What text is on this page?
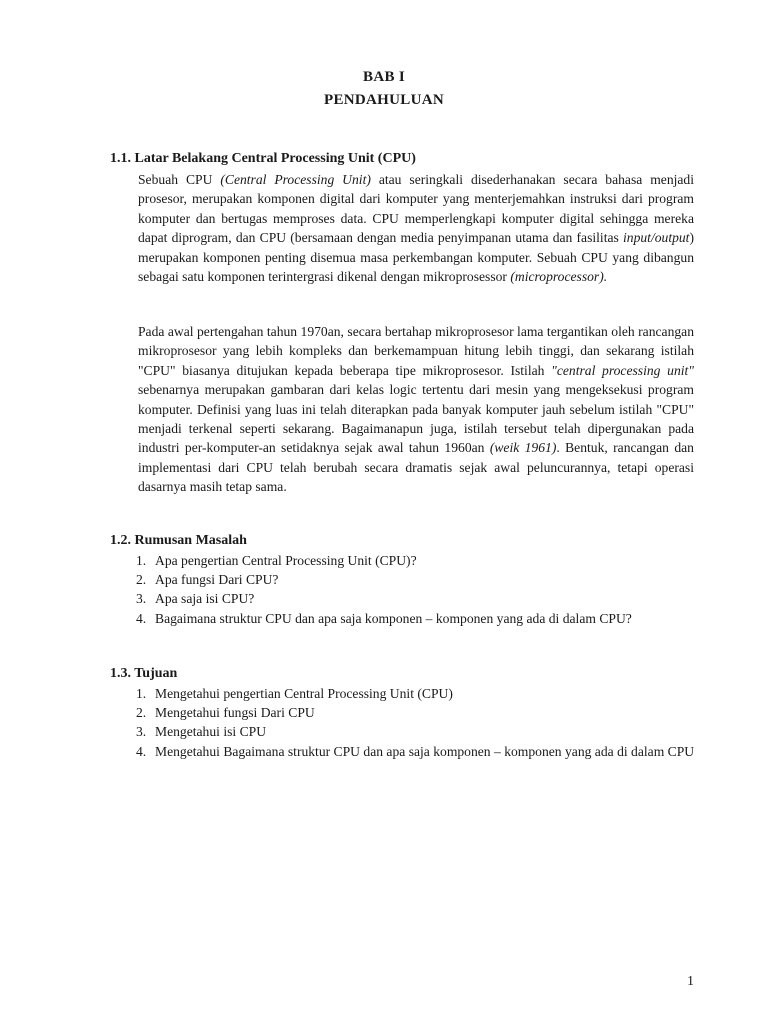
BAB I
PENDAHULUAN
1.1. Latar Belakang Central Processing Unit (CPU)

Sebuah CPU (Central Processing Unit) atau seringkali disederhanakan secara bahasa menjadi prosesor, merupakan komponen digital dari komputer yang menterjemahkan instruksi dari program komputer dan bertugas memproses data. CPU memperlengkapi komputer digital sehingga mereka dapat diprogram, dan CPU (bersamaan dengan media penyimpanan utama dan fasilitas input/output) merupakan komponen penting disemua masa perkembangan komputer. Sebuah CPU yang dibangun sebagai satu komponen terintergrasi dikenal dengan mikroprosessor (microprocessor).

Pada awal pertengahan tahun 1970an, secara bertahap mikroprosesor lama tergantikan oleh rancangan mikroprosesor yang lebih kompleks dan berkemampuan hitung lebih tinggi, dan sekarang istilah "CPU" biasanya ditujukan kepada beberapa tipe mikroprosesor. Istilah "central processing unit" sebenarnya merupakan gambaran dari kelas logic tertentu dari mesin yang mengeksekusi program komputer. Definisi yang luas ini telah diterapkan pada banyak komputer jauh sebelum istilah "CPU" menjadi terkenal seperti sekarang. Bagaimanapun juga, istilah tersebut telah dipergunakan pada industri per-komputer-an setidaknya sejak awal tahun 1960an (weik 1961). Bentuk, rancangan dan implementasi dari CPU telah berubah secara dramatis sejak awal peluncurannya, tetapi operasi dasarnya masih tetap sama.

1.2. Rumusan Masalah
1. Apa pengertian Central Processing Unit (CPU)?
2. Apa fungsi Dari CPU?
3. Apa saja isi CPU?
4. Bagaimana struktur CPU dan apa saja komponen – komponen yang ada di dalam CPU?
1.3. Tujuan
1. Mengetahui pengertian Central Processing Unit (CPU)
2. Mengetahui fungsi Dari CPU
3. Mengetahui isi CPU
4. Mengetahui Bagaimana struktur CPU dan apa saja komponen – komponen yang ada di dalam CPU
1
